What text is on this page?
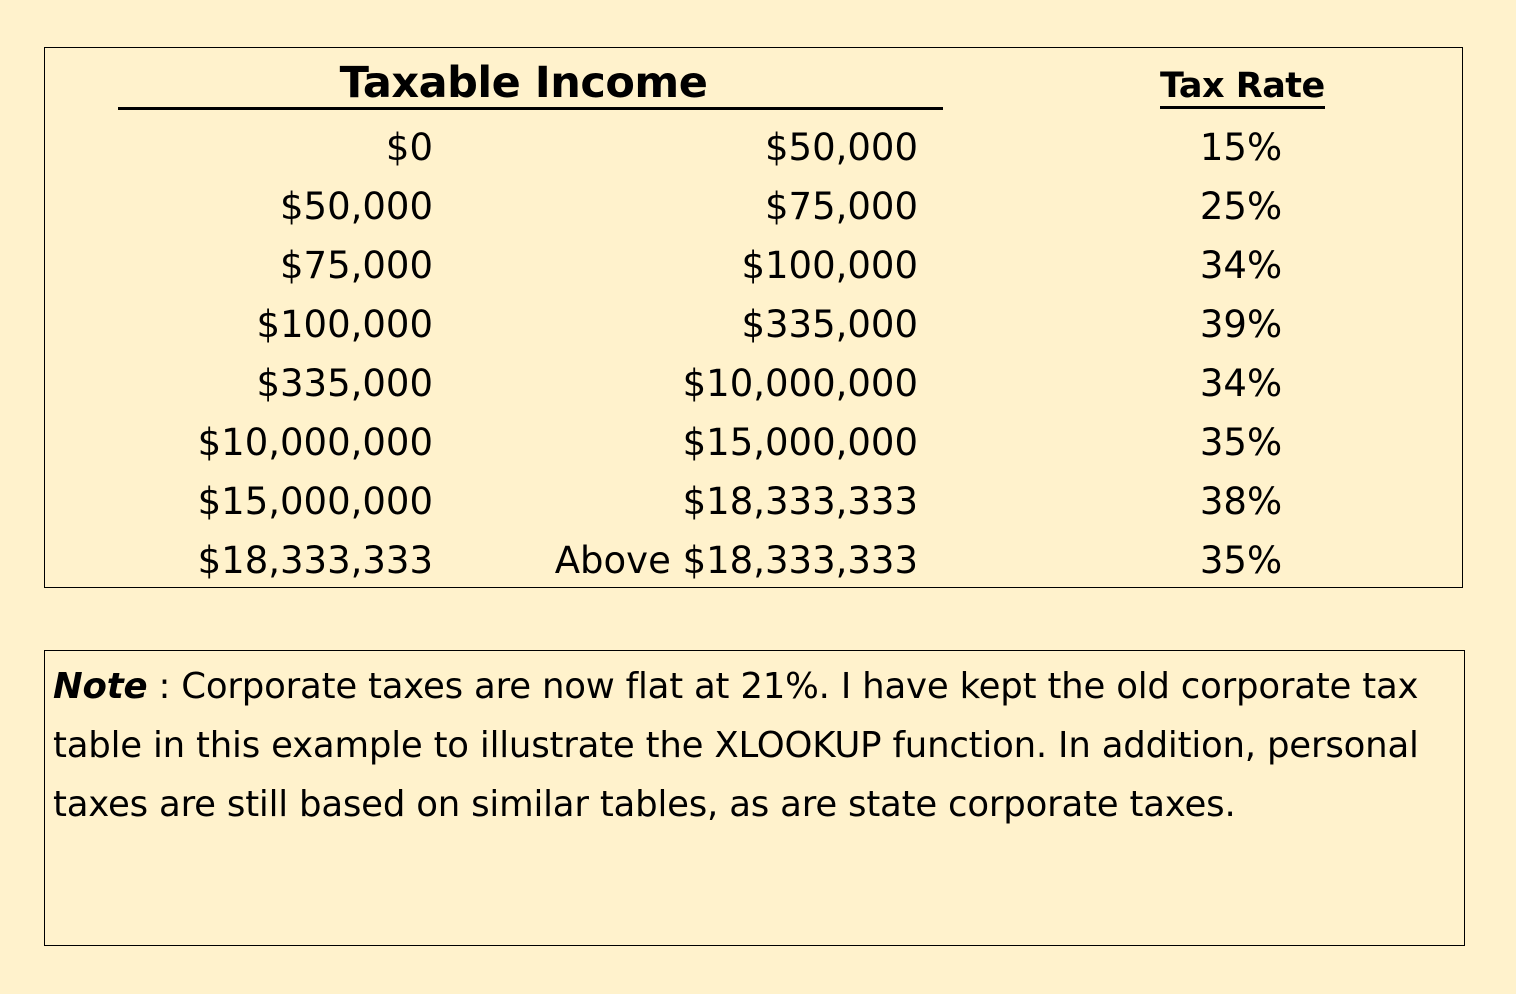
Taxable Income	Tax Rate
$0	$50,000	15%
$50,000	$75,000	25%
$75,000	$100,000	34%
$100,000	$335,000	39%
$335,000	$10,000,000	34%
$10,000,000	$15,000,000	35%
$15,000,000	$18,333,333	38%
$18,333,333	Above $18,333,333	35%
Note : Corporate taxes are now flat at 21%. I have kept the old corporate tax table in this example to illustrate the XLOOKUP function. In addition, personal taxes are still based on similar tables, as are state corporate taxes.
